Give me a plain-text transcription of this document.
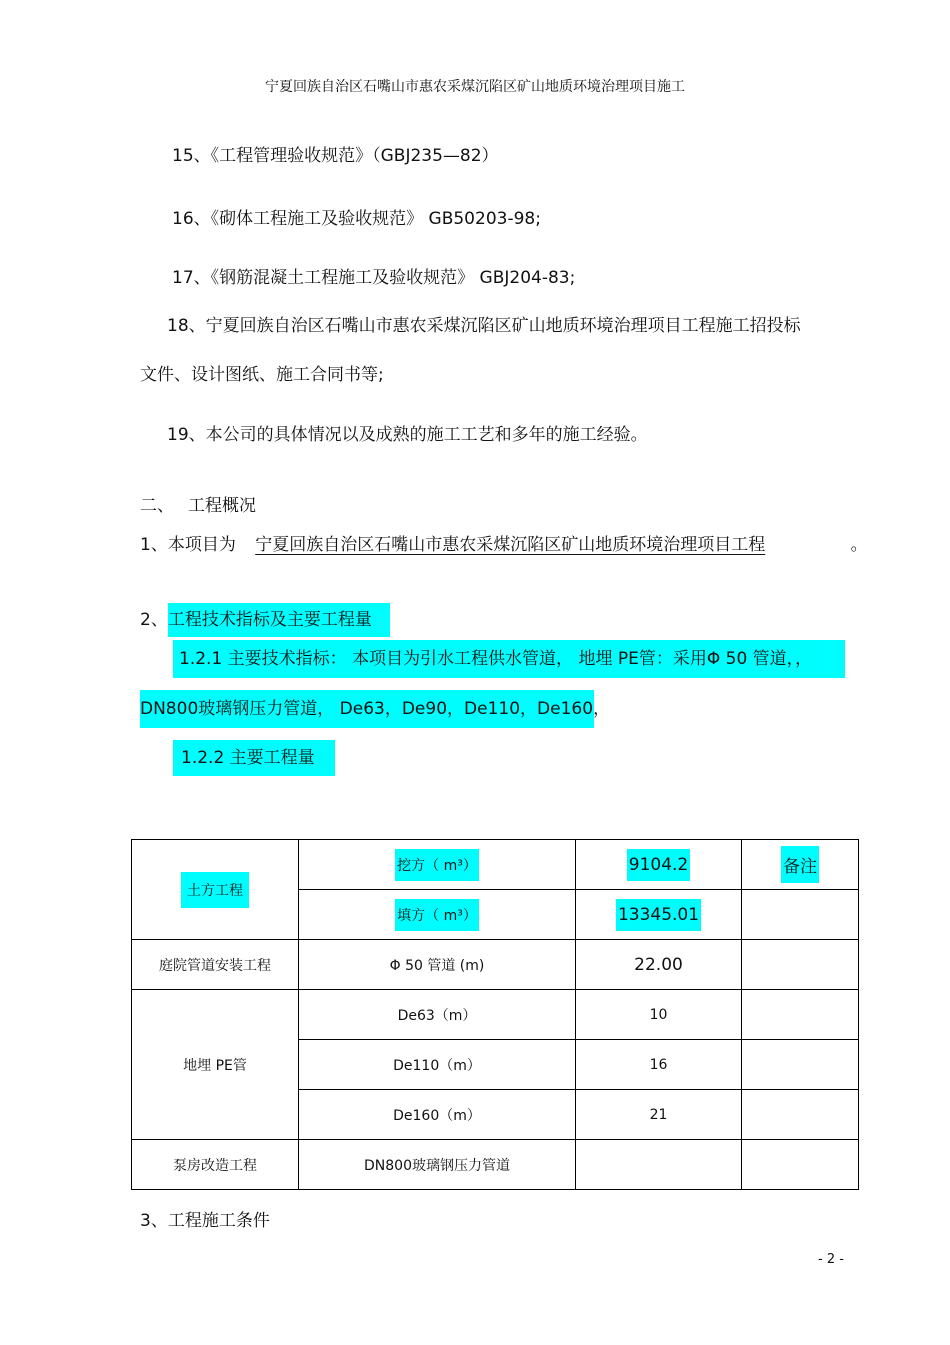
宁夏回族自治区石嘴山市惠农采煤沉陷区矿山地质环境治理项目施工
15、《工程管理验收规范》（GBJ235—82）
16、《砌体工程施工及验收规范》 GB50203-98;
17、《钢筋混凝土工程施工及验收规范》 GBJ204-83;
18、宁夏回族自治区石嘴山市惠农采煤沉陷区矿山地质环境治理项目工程施工招投标
文件、设计图纸、施工合同书等;
19、本公司的具体情况以及成熟的施工工艺和多年的施工经验。
二、 工程概况
1、本项目为 宁夏回族自治区石嘴山市惠农采煤沉陷区矿山地质环境治理项目工程	。
2、工程技术指标及主要工程量
1.2.1 主要技术指标： 本项目为引水工程供水管道， 地埋 PE管：采用Φ 50 管道，，
DN800玻璃钢压力管道， De63，De90，De110，De160，
1.2.2 主要工程量
土方工程	挖方（ m³）	9104.2	备注
	填方（ m³）	13345.01	
庭院管道安装工程	Φ 50 管道 (m)	22.00	
地埋 PE管	De63（m）	10	
	De110（m）	16	
	De160（m）	21	
泵房改造工程	DN800玻璃钢压力管道		
3、工程施工条件
- 2 -
